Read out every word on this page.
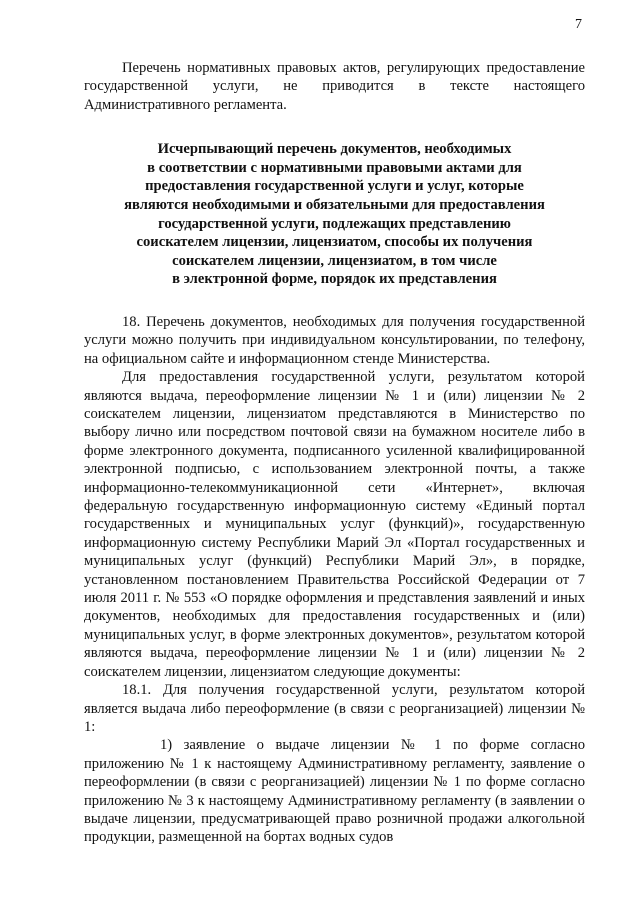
7

Перечень нормативных правовых актов, регулирующих предоставление государственной услуги, не приводится в тексте настоящего Административного регламента.

Исчерпывающий перечень документов, необходимых
в соответствии с нормативными правовыми актами для
предоставления государственной услуги и услуг, которые
являются необходимыми и обязательными для предоставления
государственной услуги, подлежащих представлению
соискателем лицензии, лицензиатом, способы их получения
соискателем лицензии, лицензиатом, в том числе
в электронной форме, порядок их представления

18. Перечень документов, необходимых для получения государственной услуги можно получить при индивидуальном консультировании, по телефону, на официальном сайте и информационном стенде Министерства.

Для предоставления государственной услуги, результатом которой являются выдача, переоформление лицензии № 1 и (или) лицензии № 2 соискателем лицензии, лицензиатом представляются в Министерство по выбору лично или посредством почтовой связи на бумажном носителе либо в форме электронного документа, подписанного усиленной квалифицированной электронной подписью, с использованием электронной почты, а также информационно-телекоммуникационной сети «Интернет», включая федеральную государственную информационную систему «Единый портал государственных и муниципальных услуг (функций)», государственную информационную систему Республики Марий Эл «Портал государственных и муниципальных услуг (функций) Республики Марий Эл», в порядке, установленном постановлением Правительства Российской Федерации от 7 июля 2011 г. № 553 «О порядке оформления и представления заявлений и иных документов, необходимых для предоставления государственных и (или) муниципальных услуг, в форме электронных документов», результатом которой являются выдача, переоформление лицензии № 1 и (или) лицензии № 2 соискателем лицензии, лицензиатом следующие документы:

18.1. Для получения государственной услуги, результатом которой является выдача либо переоформление (в связи с реорганизацией) лицензии № 1:

1) заявление о выдаче лицензии № 1 по форме согласно приложению № 1 к настоящему Административному регламенту, заявление о переоформлении (в связи с реорганизацией) лицензии № 1 по форме согласно приложению № 3 к настоящему Административному регламенту (в заявлении о выдаче лицензии, предусматривающей право розничной продажи алкогольной продукции, размещенной на бортах водных судов
